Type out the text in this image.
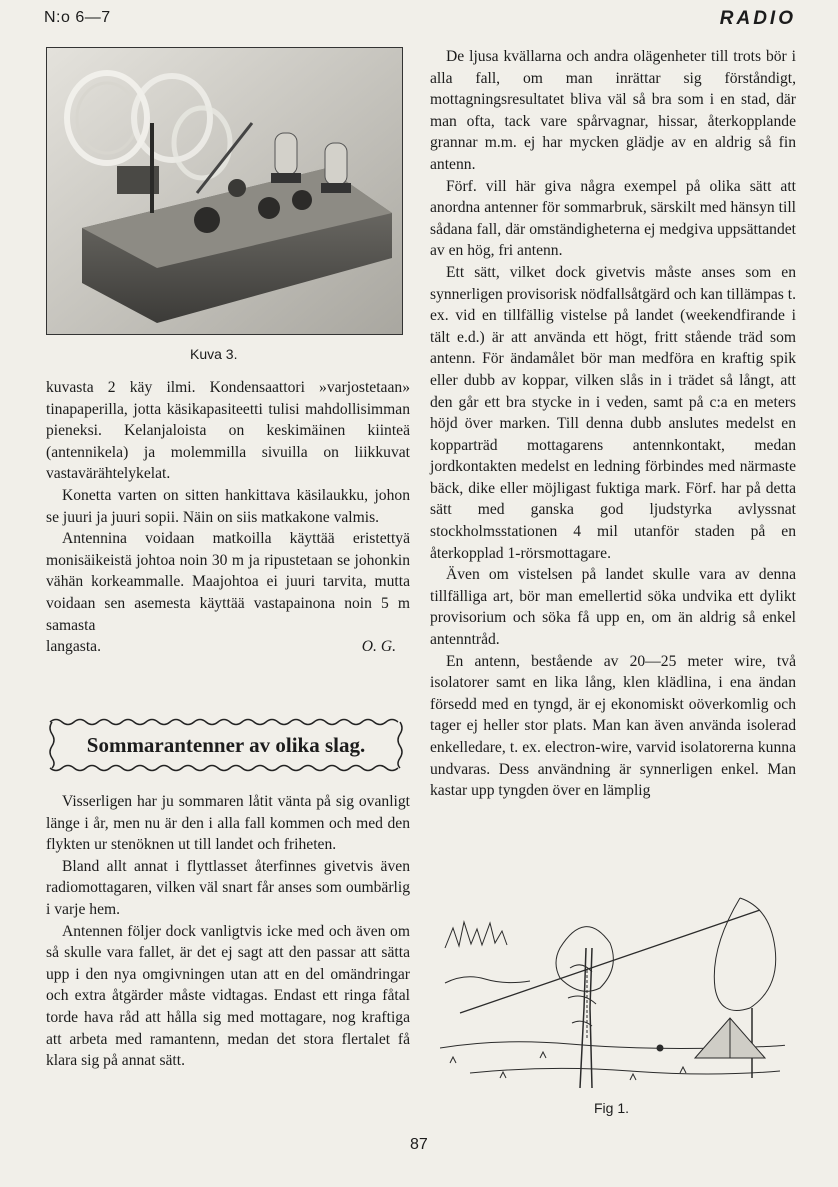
N:o 6—7	RADIO
Kuva 3.

kuvasta 2 käy ilmi. Kondensaattori »varjostetaan» tinapaperilla, jotta käsikapasiteetti tulisi mahdollisimman pieneksi. Kelanjaloista on keskimäinen kiinteä (antennikela) ja molemmilla sivuilla on liikkuvat vastavärähtelykelat.

Konetta varten on sitten hankittava käsilaukku, johon se juuri ja juuri sopii. Näin on siis matkakone valmis.

Antennina voidaan matkoilla käyttää eristettyä monisäikeistä johtoa noin 30 m ja ripustetaan se johonkin vähän korkeammalle. Maajohtoa ei juuri tarvita, mutta voidaan sen asemesta käyttää vastapainona noin 5 m samasta

langasta.	O. G.
Sommarantenner av olika slag.

Visserligen har ju sommaren låtit vänta på sig ovanligt länge i år, men nu är den i alla fall kommen och med den flykten ur stenöknen ut till landet och friheten.

Bland allt annat i flyttlasset återfinnes givetvis även radiomottagaren, vilken väl snart får anses som oumbärlig i varje hem.

Antennen följer dock vanligtvis icke med och även om så skulle vara fallet, är det ej sagt att den passar att sätta upp i den nya omgivningen utan att en del omändringar och extra åtgärder måste vidtagas. Endast ett ringa fåtal torde hava råd att hålla sig med mottagare, nog kraftiga att arbeta med ramantenn, medan det stora flertalet få klara sig på annat sätt.

De ljusa kvällarna och andra olägenheter till trots bör i alla fall, om man inrättar sig förståndigt, mottagningsresultatet bliva väl så bra som i en stad, där man ofta, tack vare spårvagnar, hissar, återkopplande grannar m.m. ej har mycken glädje av en aldrig så fin antenn.

Förf. vill här giva några exempel på olika sätt att anordna antenner för sommarbruk, särskilt med hänsyn till sådana fall, där omständigheterna ej medgiva uppsättandet av en hög, fri antenn.

Ett sätt, vilket dock givetvis måste anses som en synnerligen provisorisk nödfallsåtgärd och kan tillämpas t. ex. vid en tillfällig vistelse på landet (weekendfirande i tält e.d.) är att använda ett högt, fritt stående träd som antenn. För ändamålet bör man medföra en kraftig spik eller dubb av koppar, vilken slås in i trädet så långt, att den går ett bra stycke in i veden, samt på c:a en meters höjd över marken. Till denna dubb anslutes medelst en kopparträd mottagarens antennkontakt, medan jordkontakten medelst en ledning förbindes med närmaste bäck, dike eller möjligast fuktiga mark. Förf. har på detta sätt med ganska god ljudstyrka avlyssnat stockholmsstationen 4 mil utanför staden på en återkopplad 1-rörsmottagare.

Även om vistelsen på landet skulle vara av denna tillfälliga art, bör man emellertid söka undvika ett dylikt provisorium och söka få upp en, om än aldrig så enkel antenntråd.

En antenn, bestående av 20—25 meter wire, två isolatorer samt en lika lång, klen klädlina, i ena ändan försedd med en tyngd, är ej ekonomiskt oöverkomlig och tager ej heller stor plats. Man kan även använda isolerad enkelledare, t. ex. electron-wire, varvid isolatorerna kunna undvaras. Dess användning är synnerligen enkel. Man kastar upp tyngden över en lämplig

Fig 1.
87
